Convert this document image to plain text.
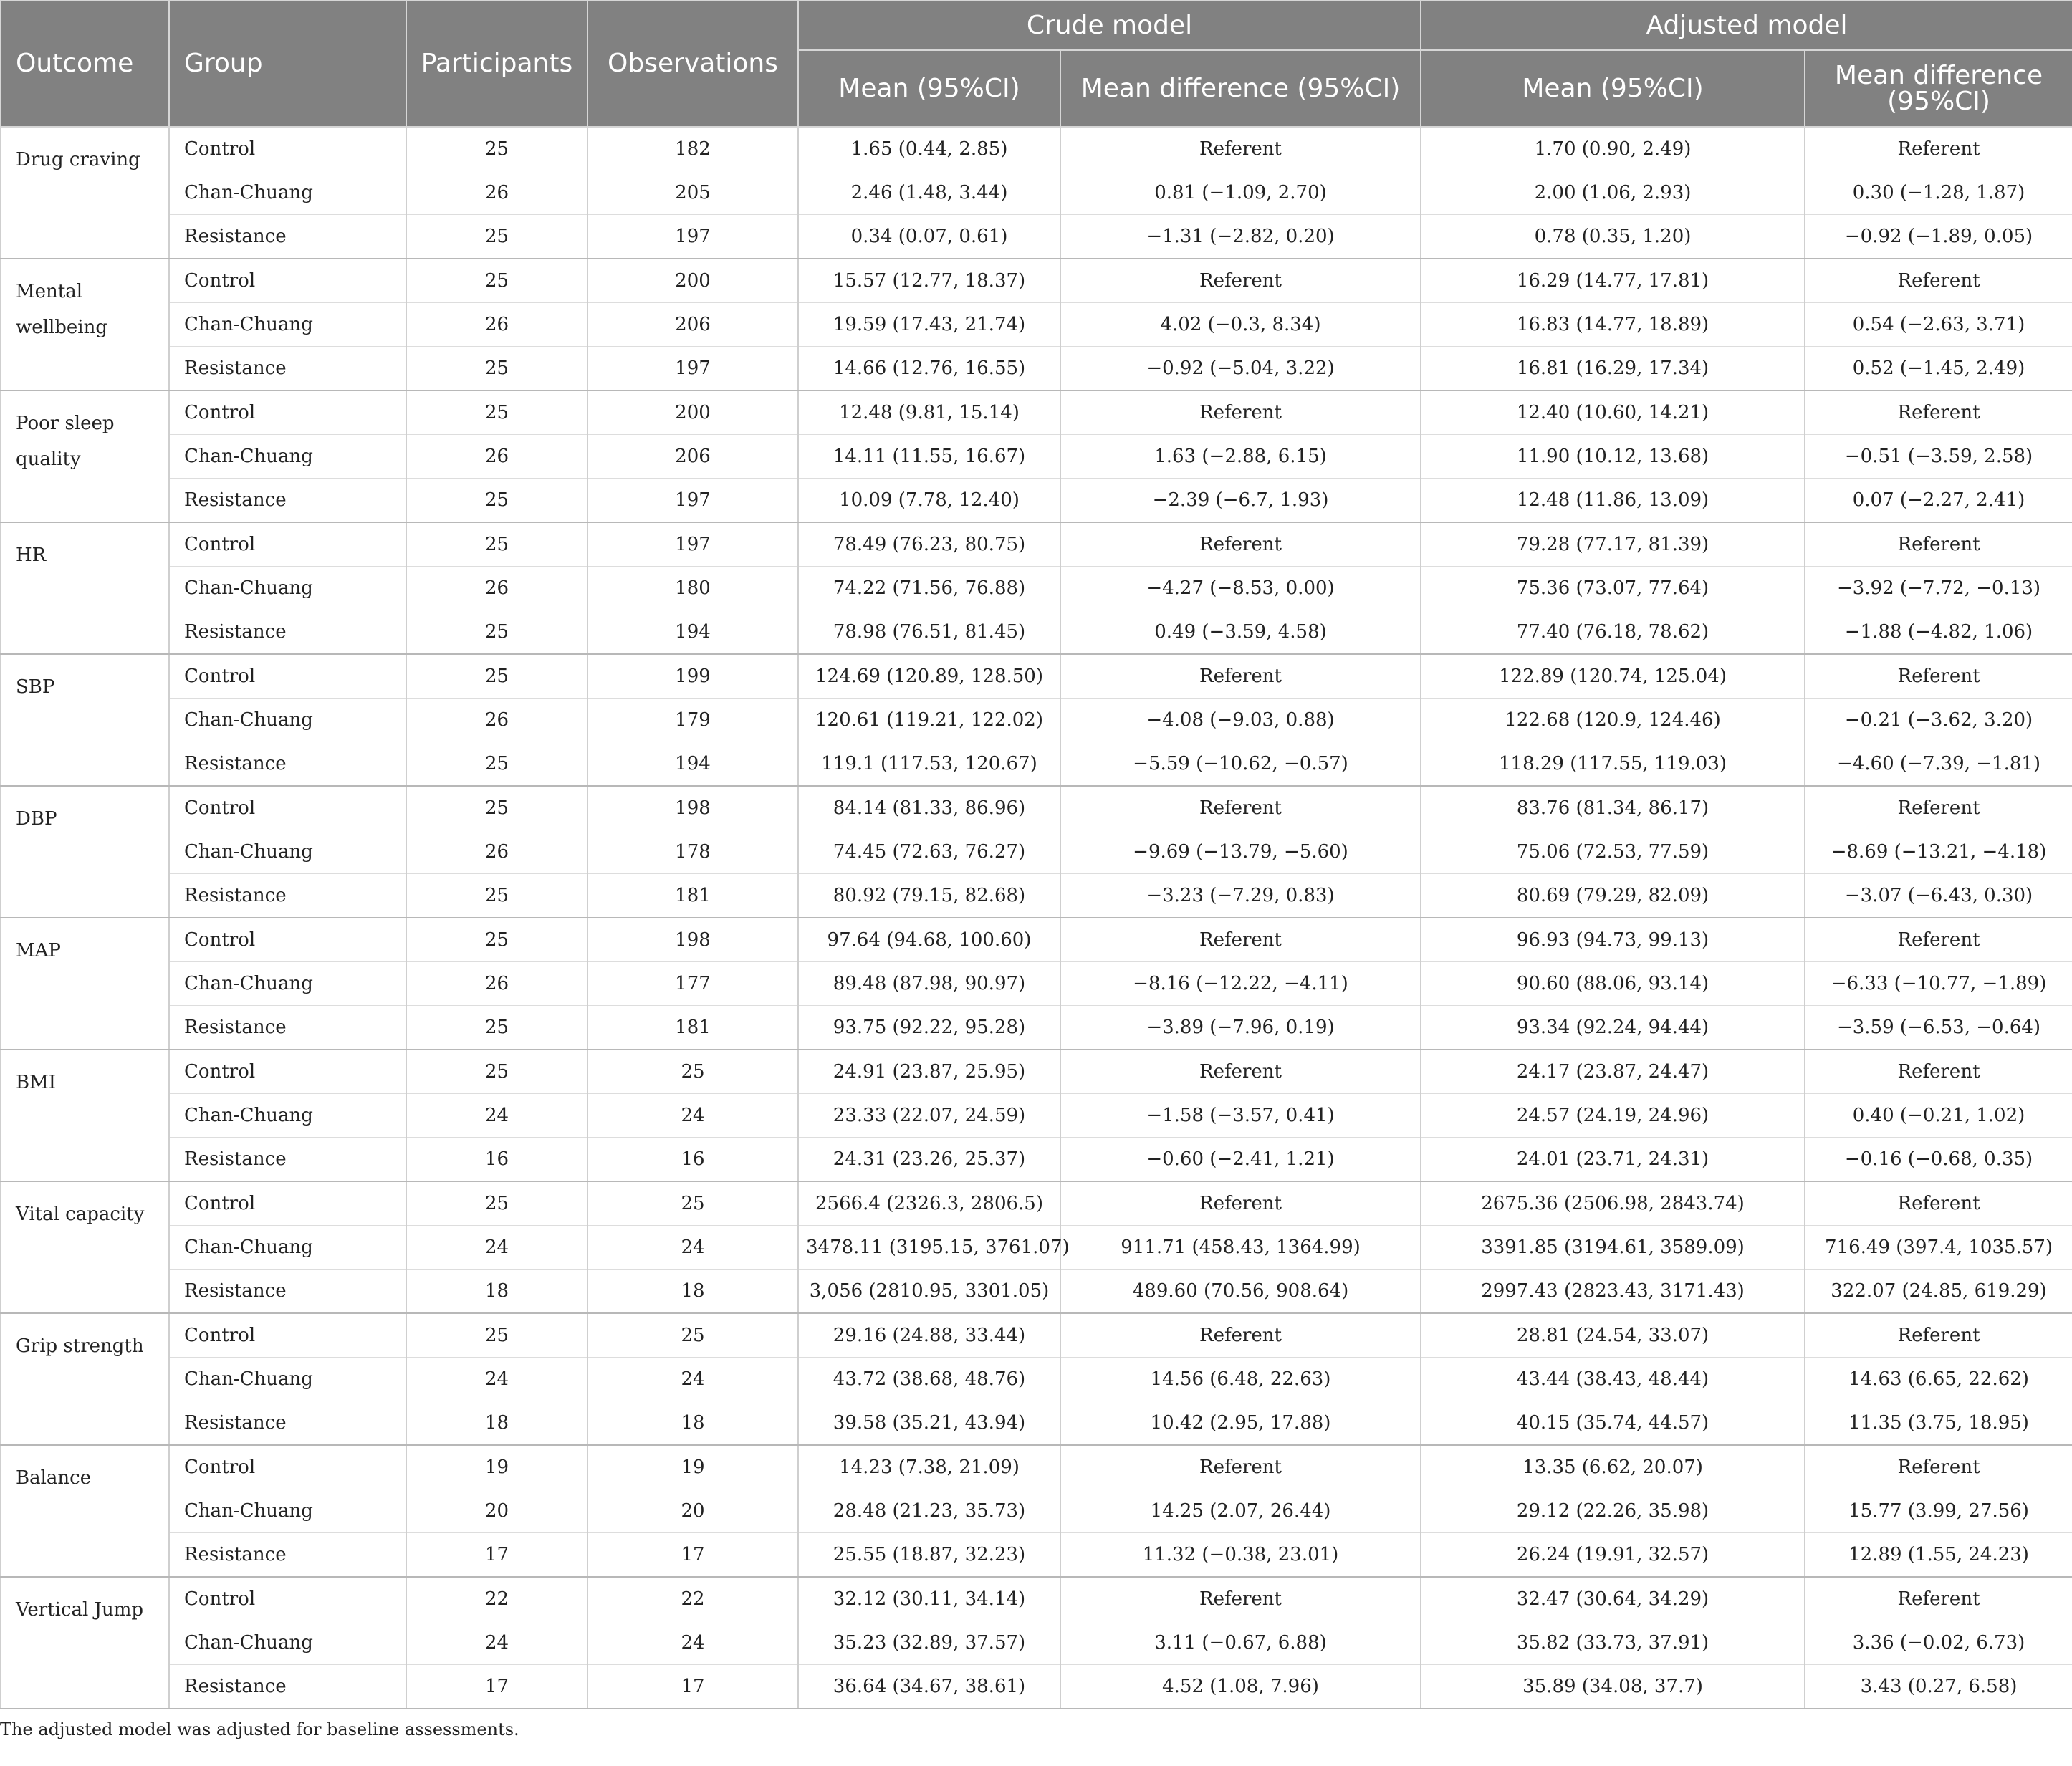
Outcome	Group	Participants	Observations	Crude model		Adjusted model	
				Mean (95%CI)	Mean difference (95%CI)	Mean (95%CI)	Mean difference (95%CI)
Drug craving	Control	25	182	1.65 (0.44, 2.85)	Referent	1.70 (0.90, 2.49)	Referent
	Chan-Chuang	26	205	2.46 (1.48, 3.44)	0.81 (−1.09, 2.70)	2.00 (1.06, 2.93)	0.30 (−1.28, 1.87)
	Resistance	25	197	0.34 (0.07, 0.61)	−1.31 (−2.82, 0.20)	0.78 (0.35, 1.20)	−0.92 (−1.89, 0.05)
Mental wellbeing	Control	25	200	15.57 (12.77, 18.37)	Referent	16.29 (14.77, 17.81)	Referent
	Chan-Chuang	26	206	19.59 (17.43, 21.74)	4.02 (−0.3, 8.34)	16.83 (14.77, 18.89)	0.54 (−2.63, 3.71)
	Resistance	25	197	14.66 (12.76, 16.55)	−0.92 (−5.04, 3.22)	16.81 (16.29, 17.34)	0.52 (−1.45, 2.49)
Poor sleep quality	Control	25	200	12.48 (9.81, 15.14)	Referent	12.40 (10.60, 14.21)	Referent
	Chan-Chuang	26	206	14.11 (11.55, 16.67)	1.63 (−2.88, 6.15)	11.90 (10.12, 13.68)	−0.51 (−3.59, 2.58)
	Resistance	25	197	10.09 (7.78, 12.40)	−2.39 (−6.7, 1.93)	12.48 (11.86, 13.09)	0.07 (−2.27, 2.41)
HR	Control	25	197	78.49 (76.23, 80.75)	Referent	79.28 (77.17, 81.39)	Referent
	Chan-Chuang	26	180	74.22 (71.56, 76.88)	−4.27 (−8.53, 0.00)	75.36 (73.07, 77.64)	−3.92 (−7.72, −0.13)
	Resistance	25	194	78.98 (76.51, 81.45)	0.49 (−3.59, 4.58)	77.40 (76.18, 78.62)	−1.88 (−4.82, 1.06)
SBP	Control	25	199	124.69 (120.89, 128.50)	Referent	122.89 (120.74, 125.04)	Referent
	Chan-Chuang	26	179	120.61 (119.21, 122.02)	−4.08 (−9.03, 0.88)	122.68 (120.9, 124.46)	−0.21 (−3.62, 3.20)
	Resistance	25	194	119.1 (117.53, 120.67)	−5.59 (−10.62, −0.57)	118.29 (117.55, 119.03)	−4.60 (−7.39, −1.81)
DBP	Control	25	198	84.14 (81.33, 86.96)	Referent	83.76 (81.34, 86.17)	Referent
	Chan-Chuang	26	178	74.45 (72.63, 76.27)	−9.69 (−13.79, −5.60)	75.06 (72.53, 77.59)	−8.69 (−13.21, −4.18)
	Resistance	25	181	80.92 (79.15, 82.68)	−3.23 (−7.29, 0.83)	80.69 (79.29, 82.09)	−3.07 (−6.43, 0.30)
MAP	Control	25	198	97.64 (94.68, 100.60)	Referent	96.93 (94.73, 99.13)	Referent
	Chan-Chuang	26	177	89.48 (87.98, 90.97)	−8.16 (−12.22, −4.11)	90.60 (88.06, 93.14)	−6.33 (−10.77, −1.89)
	Resistance	25	181	93.75 (92.22, 95.28)	−3.89 (−7.96, 0.19)	93.34 (92.24, 94.44)	−3.59 (−6.53, −0.64)
BMI	Control	25	25	24.91 (23.87, 25.95)	Referent	24.17 (23.87, 24.47)	Referent
	Chan-Chuang	24	24	23.33 (22.07, 24.59)	−1.58 (−3.57, 0.41)	24.57 (24.19, 24.96)	0.40 (−0.21, 1.02)
	Resistance	16	16	24.31 (23.26, 25.37)	−0.60 (−2.41, 1.21)	24.01 (23.71, 24.31)	−0.16 (−0.68, 0.35)
Vital capacity	Control	25	25	2566.4 (2326.3, 2806.5)	Referent	2675.36 (2506.98, 2843.74)	Referent
	Chan-Chuang	24	24	3478.11 (3195.15, 3761.07)	911.71 (458.43, 1364.99)	3391.85 (3194.61, 3589.09)	716.49 (397.4, 1035.57)
	Resistance	18	18	3,056 (2810.95, 3301.05)	489.60 (70.56, 908.64)	2997.43 (2823.43, 3171.43)	322.07 (24.85, 619.29)
Grip strength	Control	25	25	29.16 (24.88, 33.44)	Referent	28.81 (24.54, 33.07)	Referent
	Chan-Chuang	24	24	43.72 (38.68, 48.76)	14.56 (6.48, 22.63)	43.44 (38.43, 48.44)	14.63 (6.65, 22.62)
	Resistance	18	18	39.58 (35.21, 43.94)	10.42 (2.95, 17.88)	40.15 (35.74, 44.57)	11.35 (3.75, 18.95)
Balance	Control	19	19	14.23 (7.38, 21.09)	Referent	13.35 (6.62, 20.07)	Referent
	Chan-Chuang	20	20	28.48 (21.23, 35.73)	14.25 (2.07, 26.44)	29.12 (22.26, 35.98)	15.77 (3.99, 27.56)
	Resistance	17	17	25.55 (18.87, 32.23)	11.32 (−0.38, 23.01)	26.24 (19.91, 32.57)	12.89 (1.55, 24.23)
Vertical Jump	Control	22	22	32.12 (30.11, 34.14)	Referent	32.47 (30.64, 34.29)	Referent
	Chan-Chuang	24	24	35.23 (32.89, 37.57)	3.11 (−0.67, 6.88)	35.82 (33.73, 37.91)	3.36 (−0.02, 6.73)
	Resistance	17	17	36.64 (34.67, 38.61)	4.52 (1.08, 7.96)	35.89 (34.08, 37.7)	3.43 (0.27, 6.58)
The adjusted model was adjusted for baseline assessments.
